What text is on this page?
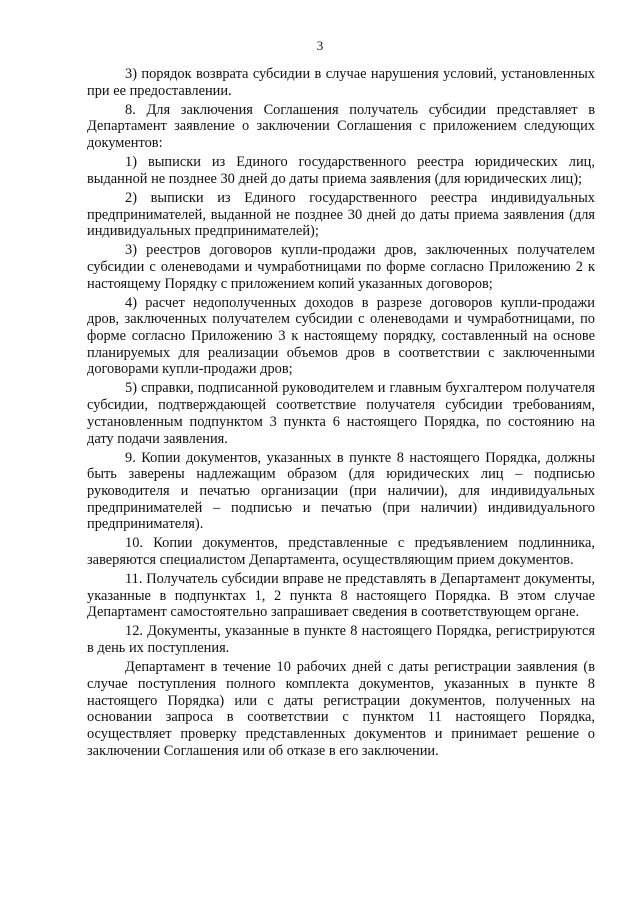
3

3) порядок возврата субсидии в случае нарушения условий, установленных при ее предоставлении.

8. Для заключения Соглашения получатель субсидии представляет в Департамент заявление о заключении Соглашения с приложением следующих документов:

1) выписки из Единого государственного реестра юридических лиц, выданной не позднее 30 дней до даты приема заявления (для юридических лиц);

2) выписки из Единого государственного реестра индивидуальных предпринимателей, выданной не позднее 30 дней до даты приема заявления (для индивидуальных предпринимателей);

3) реестров договоров купли-продажи дров, заключенных получателем субсидии с оленеводами и чумработницами по форме согласно Приложению 2 к настоящему Порядку с приложением копий указанных договоров;

4) расчет недополученных доходов в разрезе договоров купли-продажи дров, заключенных получателем субсидии с оленеводами и чумработницами, по форме согласно Приложению 3 к настоящему порядку, составленный на основе планируемых для реализации объемов дров в соответствии с заключенными договорами купли-продажи дров;

5) справки, подписанной руководителем и главным бухгалтером получателя субсидии, подтверждающей соответствие получателя субсидии требованиям, установленным подпунктом 3 пункта 6 настоящего Порядка, по состоянию на дату подачи заявления.

9. Копии документов, указанных в пункте 8 настоящего Порядка, должны быть заверены надлежащим образом (для юридических лиц – подписью руководителя и печатью организации (при наличии), для индивидуальных предпринимателей – подписью и печатью (при наличии) индивидуального предпринимателя).

10. Копии документов, представленные с предъявлением подлинника, заверяются специалистом Департамента, осуществляющим прием документов.

11. Получатель субсидии вправе не представлять в Департамент документы, указанные в подпунктах 1, 2 пункта 8 настоящего Порядка. В этом случае Департамент самостоятельно запрашивает сведения в соответствующем органе.

12. Документы, указанные в пункте 8 настоящего Порядка, регистрируются в день их поступления.

Департамент в течение 10 рабочих дней с даты регистрации заявления (в случае поступления полного комплекта документов, указанных в пункте 8 настоящего Порядка) или с даты регистрации документов, полученных на основании запроса в соответствии с пунктом 11 настоящего Порядка, осуществляет проверку представленных документов и принимает решение о заключении Соглашения или об отказе в его заключении.
